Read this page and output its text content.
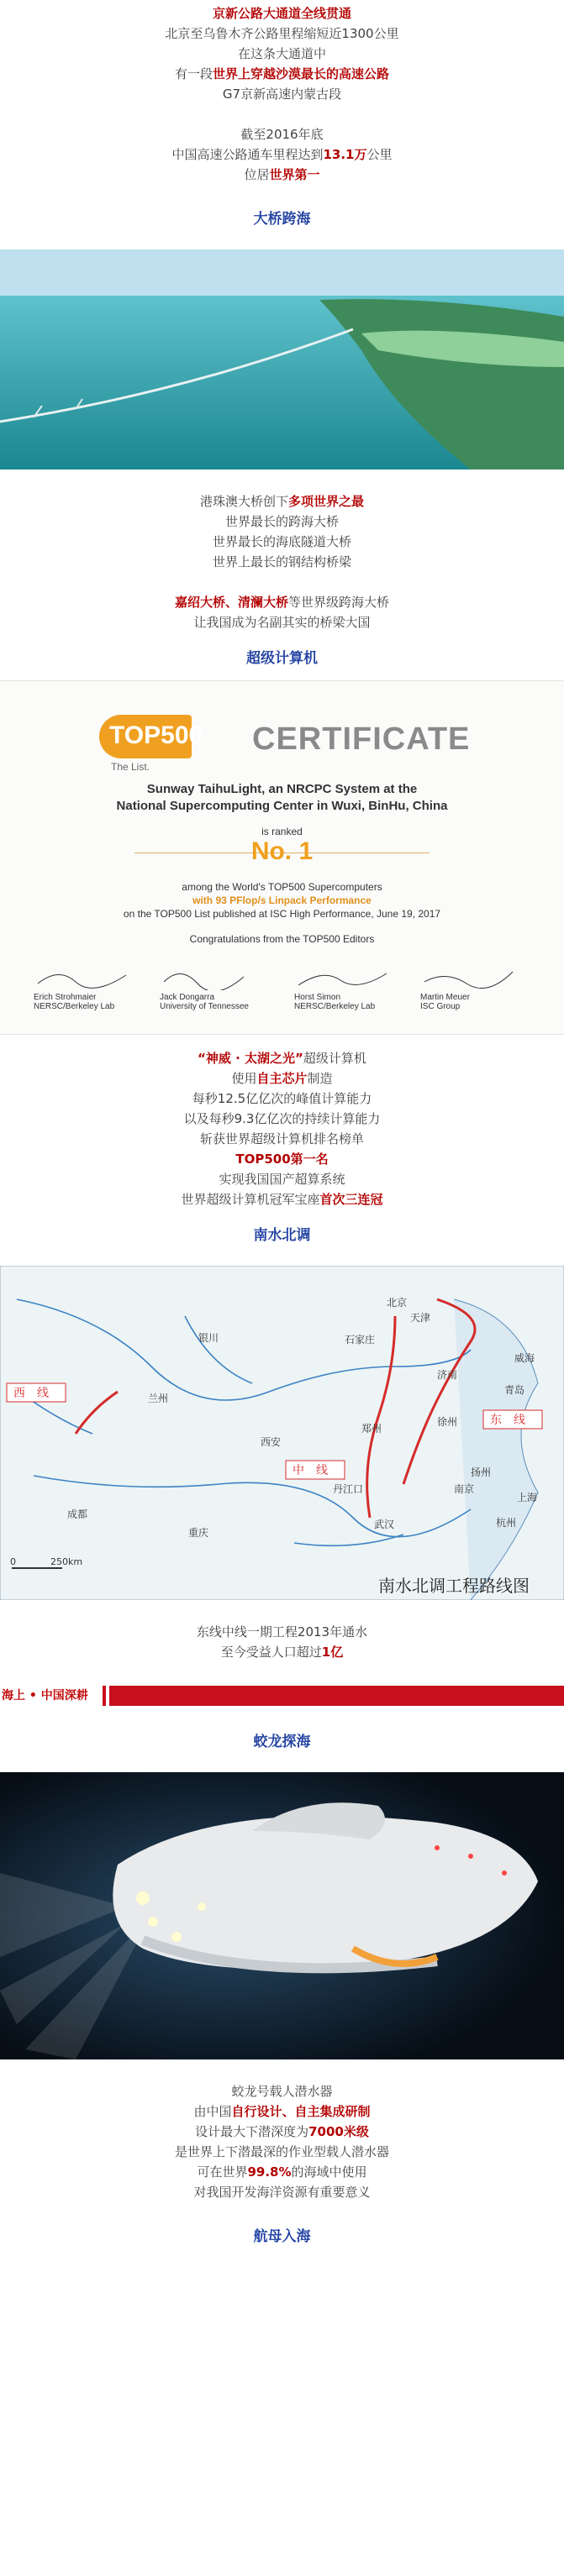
京新公路大通道全线贯通
北京至乌鲁木齐公路里程缩短近1300公里
在这条大通道中
有一段世界上穿越沙漠最长的高速公路
G7京新高速内蒙古段

截至2016年底
中国高速公路通车里程达到13.1万公里
位居世界第一
大桥跨海
港珠澳大桥创下多项世界之最
世界最长的跨海大桥
世界最长的海底隧道大桥
世界上最长的钢结构桥梁

嘉绍大桥、清澜大桥等世界级跨海大桥
让我国成为名副其实的桥梁大国
超级计算机
TOP500
The List.
CERTIFICATE
Sunway TaihuLight, an NRCPC System at the
National Supercomputing Center in Wuxi, BinHu, China
is ranked
No. 1
among the World's TOP500 Supercomputers
with 93 PFlop/s Linpack Performance
on the TOP500 List published at ISC High Performance, June 19, 2017
Congratulations from the TOP500 Editors
Erich Strohmaier
NERSC/Berkeley Lab
Jack Dongarra
University of Tennessee
Horst Simon
NERSC/Berkeley Lab
Martin Meuer
ISC Group
“神威 · 太湖之光”超级计算机
使用自主芯片制造
每秒12.5亿亿次的峰值计算能力
以及每秒9.3亿亿次的持续计算能力
斩获世界超级计算机排名榜单
TOP500第一名
实现我国国产超算系统
世界超级计算机冠军宝座首次三连冠
南水北调
西　线
中　线
东　线
北京
天津
石家庄
济南
青岛
威海
银川
兰州
西安
郑州
徐州
扬州
南京
上海
杭州
武汉
丹江口
重庆
成都
0	250km
南水北调工程路线图
东线中线一期工程2013年通水
至今受益人口超过1亿
海上 • 中国深耕
蛟龙探海
蛟龙号载人潜水器
由中国自行设计、自主集成研制
设计最大下潜深度为7000米级
是世界上下潜最深的作业型载人潜水器
可在世界99.8%的海域中使用
对我国开发海洋资源有重要意义
航母入海
